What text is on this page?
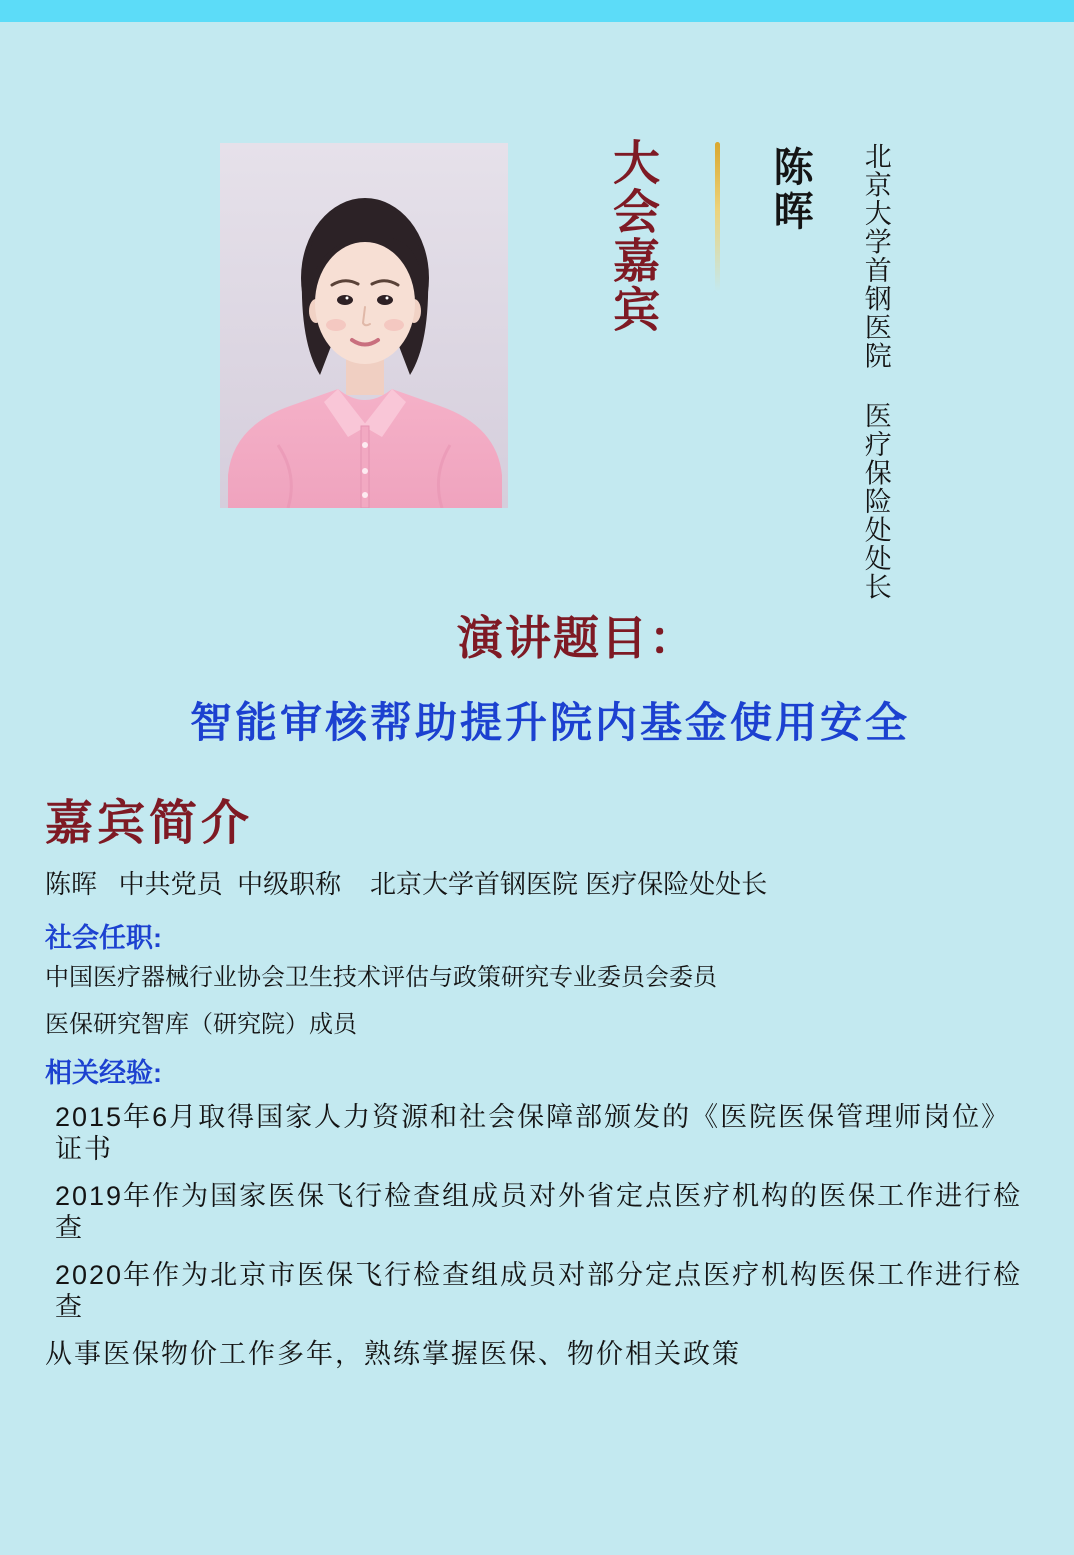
大会嘉宾	陈晖 北京大学首钢医院 医疗保险处处长
演讲题目：
智能审核帮助提升院内基金使用安全
嘉宾简介

陈晖   中共党员  中级职称    北京大学首钢医院 医疗保险处处长

社会任职:

中国医疗器械行业协会卫生技术评估与政策研究专业委员会委员

医保研究智库（研究院）成员

相关经验:

2015年6月取得国家人力资源和社会保障部颁发的《医院医保管理师岗位》证书

2019年作为国家医保飞行检查组成员对外省定点医疗机构的医保工作进行检查

2020年作为北京市医保飞行检查组成员对部分定点医疗机构医保工作进行检查

从事医保物价工作多年，熟练掌握医保、物价相关政策
